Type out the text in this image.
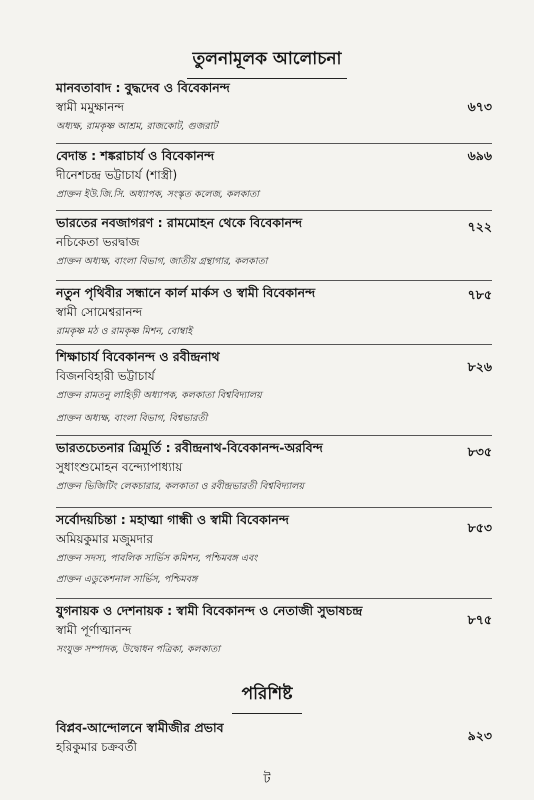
তুলনামূলক আলোচনা
মানবতাবাদ : বুদ্ধদেব ও বিবেকানন্দ
স্বামী মমুক্ষানন্দ	৬৭৩
অধ্যক্ষ, রামকৃষ্ণ আশ্রম, রাজকোট, গুজরাট
বেদান্ত : শঙ্করাচার্য ও বিবেকানন্দ
দীনেশচন্দ্র ভট্টাচার্য (শাস্ত্রী)
৬৯৬
প্রাক্তন ইউ.জি.সি. অধ্যাপক, সংস্কৃত কলেজ, কলকাতা
ভারতের নবজাগরণ : রামমোহন থেকে বিবেকানন্দ
নচিকেতা ভরদ্বাজ
৭২২
প্রাক্তন অধ্যক্ষ, বাংলা বিভাগ, জাতীয় গ্রন্থাগার, কলকাতা
নতুন পৃথিবীর সন্ধানে কার্ল মার্কস ও স্বামী বিবেকানন্দ
স্বামী সোমেশ্বরানন্দ
৭৮৫
রামকৃষ্ণ মঠ ও রামকৃষ্ণ মিশন, বোম্বাই
শিক্ষাচার্য বিবেকানন্দ ও রবীন্দ্রনাথ
বিজনবিহারী ভট্টাচার্য
৮২৬
প্রাক্তন রামতনু লাহিড়ী অধ্যাপক, কলকাতা বিশ্ববিদ্যালয়
প্রাক্তন অধ্যক্ষ, বাংলা বিভাগ, বিশ্বভারতী
ভারতচেতনার ত্রিমূর্তি : রবীন্দ্রনাথ-বিবেকানন্দ-অরবিন্দ
সুধাংশুমোহন বন্দ্যোপাধ্যায়
৮৩৫
প্রাক্তন ভিজিটিং লেকচারার, কলকাতা ও রবীন্দ্রভারতী বিশ্ববিদ্যালয়
সর্বোদয়চিন্তা : মহাত্মা গান্ধী ও স্বামী বিবেকানন্দ
অমিয়কুমার মজুমদার
৮৫৩
প্রাক্তন সদস্য, পাবলিক সার্ভিস কমিশন, পশ্চিমবঙ্গ এবং
প্রাক্তন এডুকেশনাল সার্ভিস, পশ্চিমবঙ্গ
যুগনায়ক ও দেশনায়ক : স্বামী বিবেকানন্দ ও নেতাজী সুভাষচন্দ্র
স্বামী পূর্ণাত্মানন্দ
৮৭৫
সংযুক্ত সম্পাদক, উদ্বোধন পত্রিকা, কলকাতা
পরিশিষ্ট
বিপ্লব-আন্দোলনে স্বামীজীর প্রভাব
হরিকুমার চক্রবর্তী
৯২৩
ট
